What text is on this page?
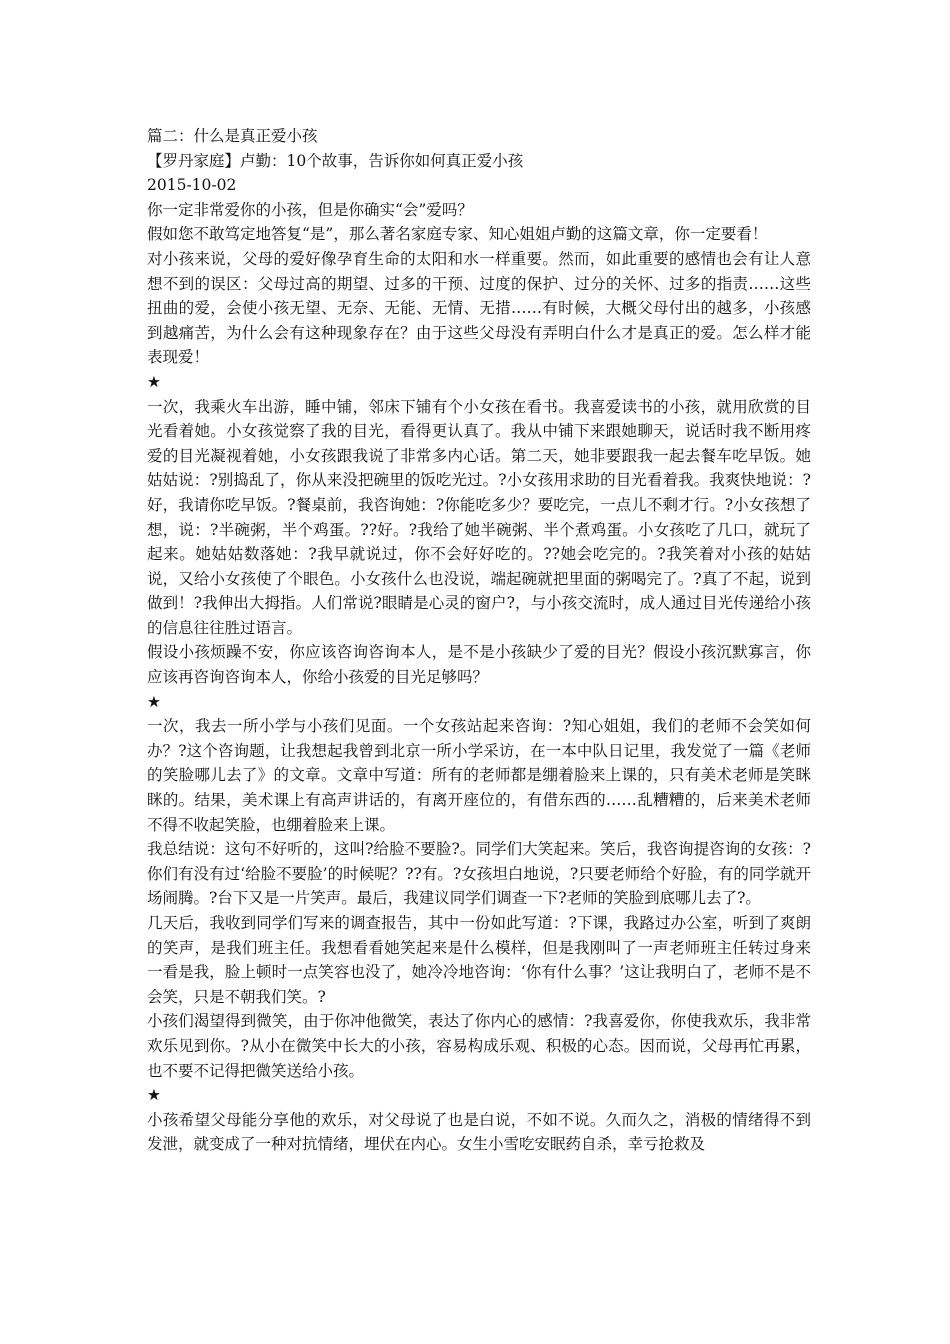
篇二：什么是真正爱小孩

【罗丹家庭】卢勤：10个故事，告诉你如何真正爱小孩

2015-10-02

你一定非常爱你的小孩，但是你确实“会”爱吗？

假如您不敢笃定地答复“是”，那么著名家庭专家、知心姐姐卢勤的这篇文章，你一定要看！

对小孩来说，父母的爱好像孕育生命的太阳和水一样重要。然而，如此重要的感情也会有让人意想不到的误区：父母过高的期望、过多的干预、过度的保护、过分的关怀、过多的指责……这些扭曲的爱，会使小孩无望、无奈、无能、无情、无措……有时候，大概父母付出的越多，小孩感到越痛苦，为什么会有这种现象存在？由于这些父母没有弄明白什么才是真正的爱。怎么样才能表现爱！

★

一次，我乘火车出游，睡中铺，邻床下铺有个小女孩在看书。我喜爱读书的小孩，就用欣赏的目光看着她。小女孩觉察了我的目光，看得更认真了。我从中铺下来跟她聊天，说话时我不断用疼爱的目光凝视着她，小女孩跟我说了非常多内心话。第二天，她非要跟我一起去餐车吃早饭。她姑姑说：?别捣乱了，你从来没把碗里的饭吃光过。?小女孩用求助的目光看着我。我爽快地说：?好，我请你吃早饭。?餐桌前，我咨询她：?你能吃多少？要吃完，一点儿不剩才行。?小女孩想了想，说：?半碗粥，半个鸡蛋。??好。?我给了她半碗粥、半个煮鸡蛋。小女孩吃了几口，就玩了起来。她姑姑数落她：?我早就说过，你不会好好吃的。??她会吃完的。?我笑着对小孩的姑姑说，又给小女孩使了个眼色。小女孩什么也没说，端起碗就把里面的粥喝完了。?真了不起，说到做到！?我伸出大拇指。人们常说?眼睛是心灵的窗户?，与小孩交流时，成人通过目光传递给小孩的信息往往胜过语言。

假设小孩烦躁不安，你应该咨询咨询本人，是不是小孩缺少了爱的目光？假设小孩沉默寡言，你应该再咨询咨询本人，你给小孩爱的目光足够吗？

★

一次，我去一所小学与小孩们见面。一个女孩站起来咨询：?知心姐姐，我们的老师不会笑如何办？?这个咨询题，让我想起我曾到北京一所小学采访，在一本中队日记里，我发觉了一篇《老师的笑脸哪儿去了》的文章。文章中写道：所有的老师都是绷着脸来上课的，只有美术老师是笑眯眯的。结果，美术课上有高声讲话的，有离开座位的，有借东西的……乱糟糟的，后来美术老师不得不收起笑脸，也绷着脸来上课。

我总结说：这句不好听的，这叫?给脸不要脸?。同学们大笑起来。笑后，我咨询提咨询的女孩：?你们有没有过‘给脸不要脸’的时候呢？??有。?女孩坦白地说，?只要老师给个好脸，有的同学就开场闹腾。?台下又是一片笑声。最后，我建议同学们调查一下?老师的笑脸到底哪儿去了?。

几天后，我收到同学们写来的调查报告，其中一份如此写道：?下课，我路过办公室，听到了爽朗的笑声，是我们班主任。我想看看她笑起来是什么模样，但是我刚叫了一声老师班主任转过身来一看是我，脸上顿时一点笑容也没了，她冷冷地咨询：‘你有什么事？’这让我明白了，老师不是不会笑，只是不朝我们笑。?

小孩们渴望得到微笑，由于你冲他微笑，表达了你内心的感情：?我喜爱你，你使我欢乐，我非常欢乐见到你。?从小在微笑中长大的小孩，容易构成乐观、积极的心态。因而说，父母再忙再累，也不要不记得把微笑送给小孩。

★

小孩希望父母能分享他的欢乐，对父母说了也是白说，不如不说。久而久之，消极的情绪得不到发泄，就变成了一种对抗情绪，埋伏在内心。女生小雪吃安眠药自杀，幸亏抢救及
